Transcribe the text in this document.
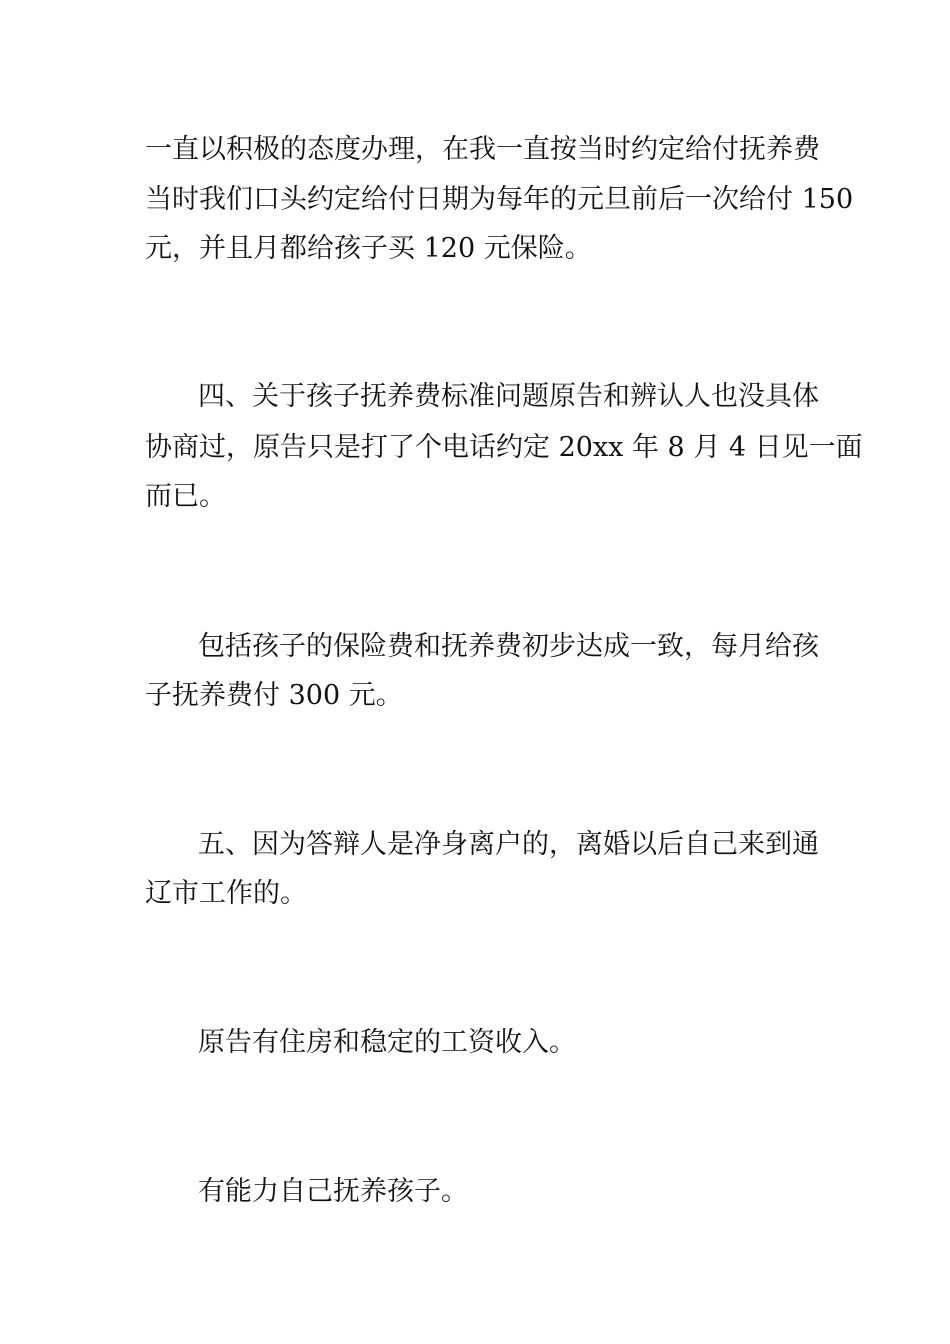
一直以积极的态度办理，在我一直按当时约定给付抚养费
当时我们口头约定给付日期为每年的元旦前后一次给付 150
元，并且月都给孩子买 120 元保险。
四、关于孩子抚养费标准问题原告和辨认人也没具体
协商过，原告只是打了个电话约定 20xx 年 8 月 4 日见一面
而已。
包括孩子的保险费和抚养费初步达成一致，每月给孩
子抚养费付 300 元。
五、因为答辩人是净身离户的，离婚以后自己来到通
辽市工作的。
原告有住房和稳定的工资收入。
有能力自己抚养孩子。
